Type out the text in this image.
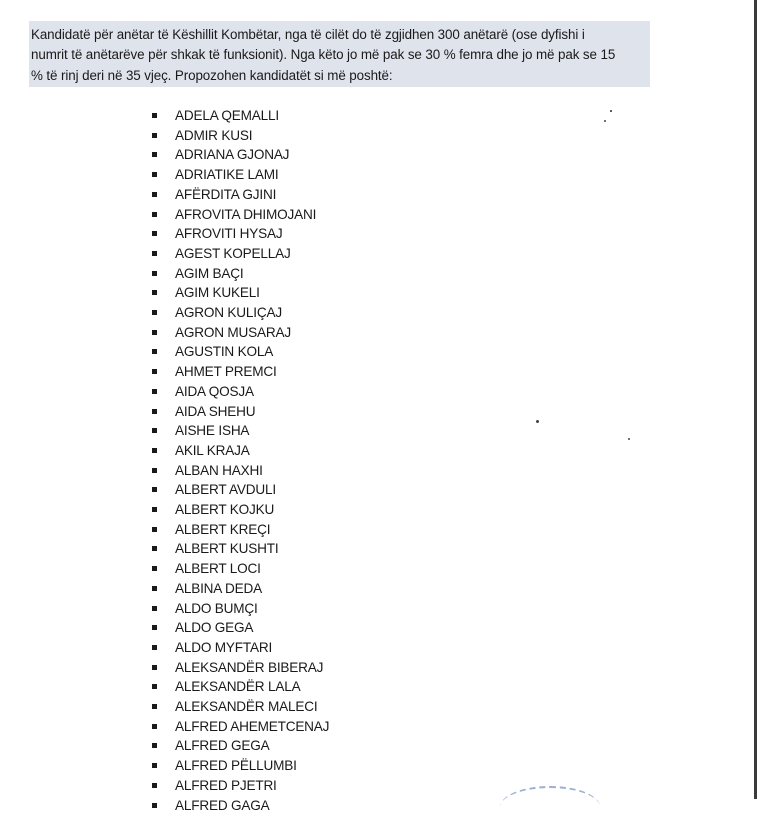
Kandidatë për anëtar të Këshillit Kombëtar, nga të cilët do të zgjidhen 300 anëtarë (ose dyfishi i
numrit të anëtarëve për shkak të funksionit). Nga këto jo më pak se 30 % femra dhe jo më pak se 15
% të rinj deri në 35 vjeç. Propozohen kandidatët si më poshtë:
ADELA QEMALLI
ADMIR KUSI
ADRIANA GJONAJ
ADRIATIKE LAMI
AFËRDITA GJINI
AFROVITA DHIMOJANI
AFROVITI HYSAJ
AGEST KOPELLAJ
AGIM BAÇI
AGIM KUKELI
AGRON KULIÇAJ
AGRON MUSARAJ
AGUSTIN KOLA
AHMET PREMCI
AIDA QOSJA
AIDA SHEHU
AISHE ISHA
AKIL KRAJA
ALBAN HAXHI
ALBERT AVDULI
ALBERT KOJKU
ALBERT KREÇI
ALBERT KUSHTI
ALBERT LOCI
ALBINA DEDA
ALDO BUMÇI
ALDO GEGA
ALDO MYFTARI
ALEKSANDËR BIBERAJ
ALEKSANDËR LALA
ALEKSANDËR MALECI
ALFRED AHEMETCENAJ
ALFRED GEGA
ALFRED PËLLUMBI
ALFRED PJETRI
ALFRED GAGA
